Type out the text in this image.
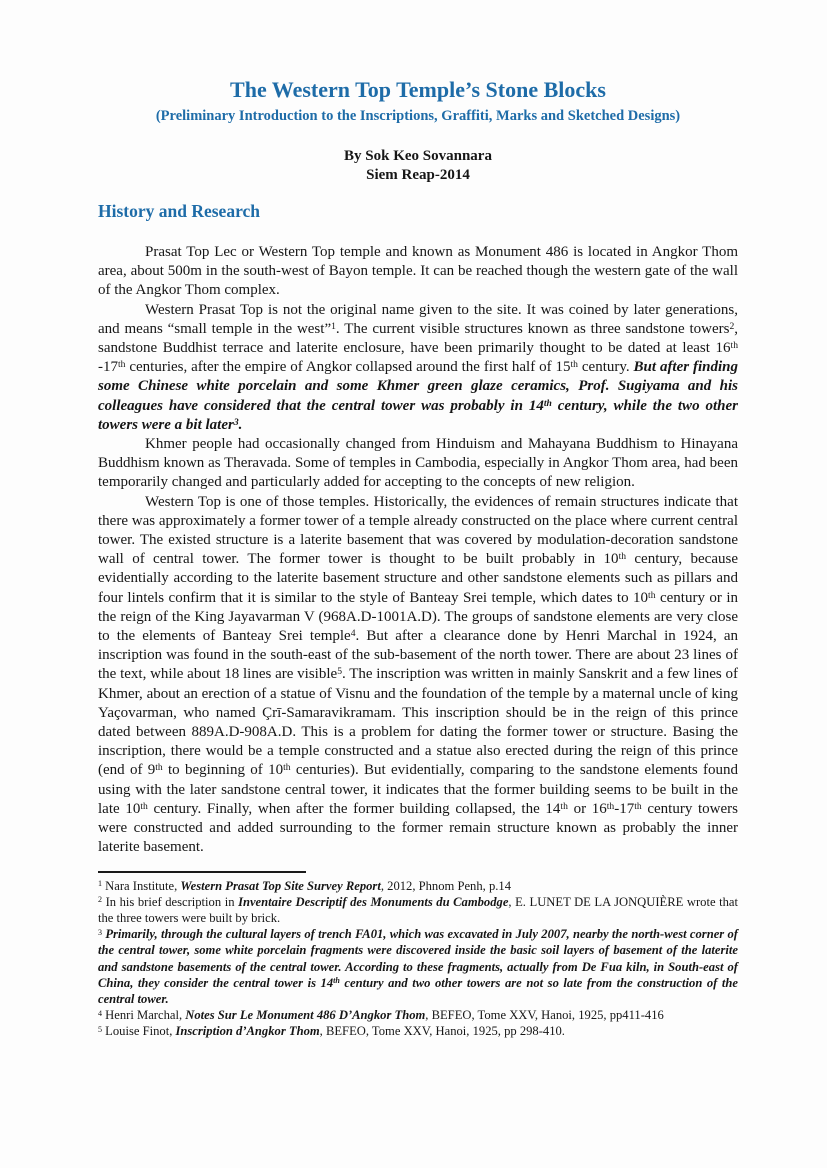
The Western Top Temple’s Stone Blocks
(Preliminary Introduction to the Inscriptions, Graffiti, Marks and Sketched Designs)
By Sok Keo Sovannara
Siem Reap-2014
History and Research

Prasat Top Lec or Western Top temple and known as Monument 486 is located in Angkor Thom area, about 500m in the south-west of Bayon temple. It can be reached though the western gate of the wall of the Angkor Thom complex.

Western Prasat Top is not the original name given to the site. It was coined by later generations, and means “small temple in the west”$^1$. The current visible structures known as three sandstone towers$^2$, sandstone Buddhist terrace and laterite enclosure, have been primarily thought to be dated at least 16th -17th centuries, after the empire of Angkor collapsed around the first half of 15th century. But after finding some Chinese white porcelain and some Khmer green glaze ceramics, Prof. Sugiyama and his colleagues have considered that the central tower was probably in 14th century, while the two other towers were a bit later$^3$.

Khmer people had occasionally changed from Hinduism and Mahayana Buddhism to Hinayana Buddhism known as Theravada. Some of temples in Cambodia, especially in Angkor Thom area, had been temporarily changed and particularly added for accepting to the concepts of new religion.

Western Top is one of those temples. Historically, the evidences of remain structures indicate that there was approximately a former tower of a temple already constructed on the place where current central tower. The existed structure is a laterite basement that was covered by modulation-decoration sandstone wall of central tower. The former tower is thought to be built probably in 10th century, because evidentially according to the laterite basement structure and other sandstone elements such as pillars and four lintels confirm that it is similar to the style of Banteay Srei temple, which dates to 10th century or in the reign of the King Jayavarman V (968A.D-1001A.D). The groups of sandstone elements are very close to the elements of Banteay Srei temple$^4$. But after a clearance done by Henri Marchal in 1924, an inscription was found in the south-east of the sub-basement of the north tower. There are about 23 lines of the text, while about 18 lines are visible$^5$. The inscription was written in mainly Sanskrit and a few lines of Khmer, about an erection of a statue of Visnu and the foundation of the temple by a maternal uncle of king Yaçovarman, who named Çrī-Samaravikramam. This inscription should be in the reign of this prince dated between 889A.D-908A.D. This is a problem for dating the former tower or structure. Basing the inscription, there would be a temple constructed and a statue also erected during the reign of this prince (end of 9th to beginning of 10th centuries). But evidentially, comparing to the sandstone elements found using with the later sandstone central tower, it indicates that the former building seems to be built in the late 10th century. Finally, when after the former building collapsed, the 14th or 16th-17th century towers were constructed and added surrounding to the former remain structure known as probably the inner laterite basement.

$^1$ Nara Institute, Western Prasat Top Site Survey Report, 2012, Phnom Penh, p.14
$^2$ In his brief description in Inventaire Descriptif des Monuments du Cambodge, E. LUNET DE LA JONQUIÈRE wrote that the three towers were built by brick.
$^3$ Primarily, through the cultural layers of trench FA01, which was excavated in July 2007, nearby the north-west corner of the central tower, some white porcelain fragments were discovered inside the basic soil layers of basement of the laterite and sandstone basements of the central tower. According to these fragments, actually from De Fua kiln, in South-east of China, they consider the central tower is 14th century and two other towers are not so late from the construction of the central tower.
$^4$ Henri Marchal, Notes Sur Le Monument 486 D’Angkor Thom, BEFEO, Tome XXV, Hanoi, 1925, pp411-416
$^5$ Louise Finot, Inscription d’Angkor Thom, BEFEO, Tome XXV, Hanoi, 1925, pp 298-410.
